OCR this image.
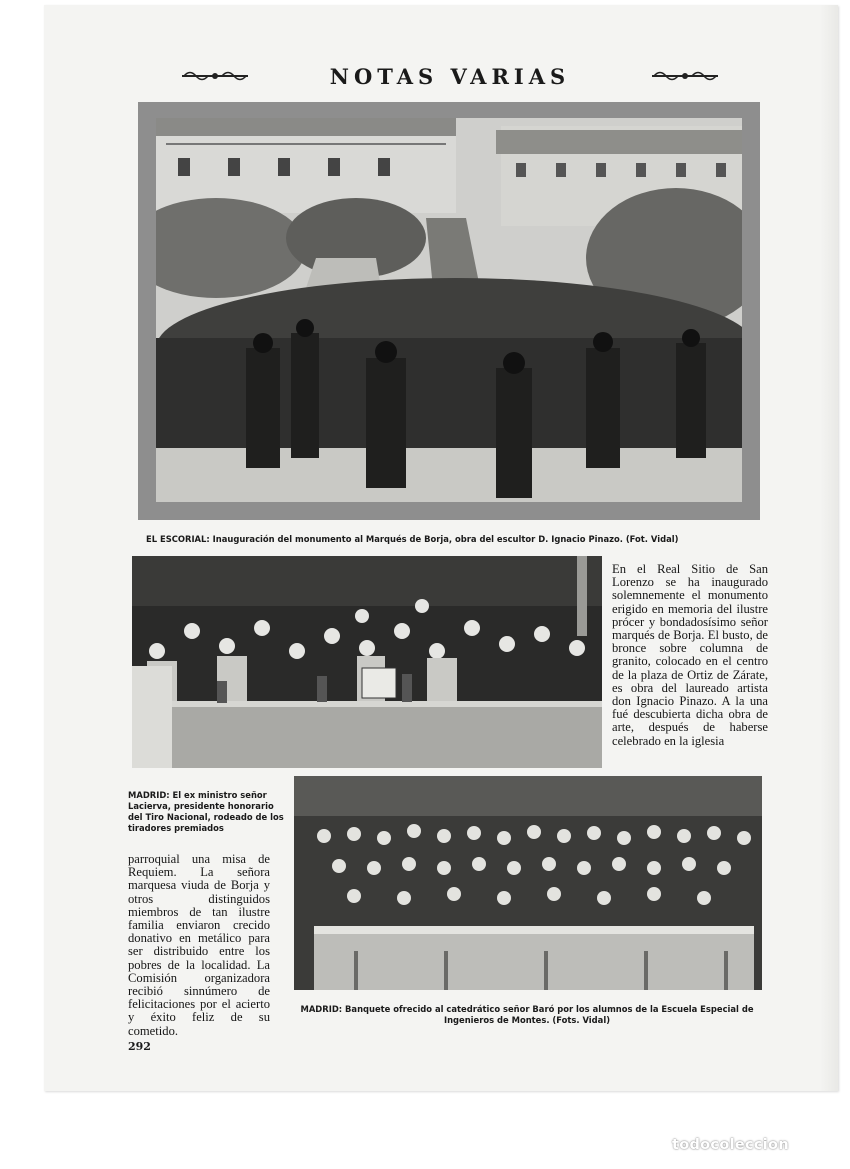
NOTAS VARIAS
EL ESCORIAL: Inauguración del monumento al Marqués de Borja, obra del escultor D. Ignacio Pinazo. (Fot. Vidal)
MADRID: El ex ministro señor Lacierva, presidente honorario del Tiro Nacional, rodeado de los tiradores premiados
En el Real Sitio de San Lorenzo se ha inaugurado solemnemente el monumento erigido en memoria del ilustre prócer y bondadosísimo señor marqués de Borja. El busto, de bronce sobre columna de granito, colocado en el centro de la plaza de Ortiz de Zárate, es obra del laureado artista don Ignacio Pinazo. A la una fué descubierta dicha obra de arte, después de haberse celebrado en la iglesia
parroquial una misa de Requiem. La señora marquesa viuda de Borja y otros distinguidos miembros de tan ilustre familia enviaron crecido donativo en metálico para ser distribuido entre los pobres de la localidad. La Comisión organizadora recibió sinnúmero de felicitaciones por el acierto y éxito feliz de su cometido.
MADRID: Banquete ofrecido al catedrático señor Baró por los alumnos de la Escuela Especial de Ingenieros de Montes. (Fots. Vidal)
292
todocoleccion
